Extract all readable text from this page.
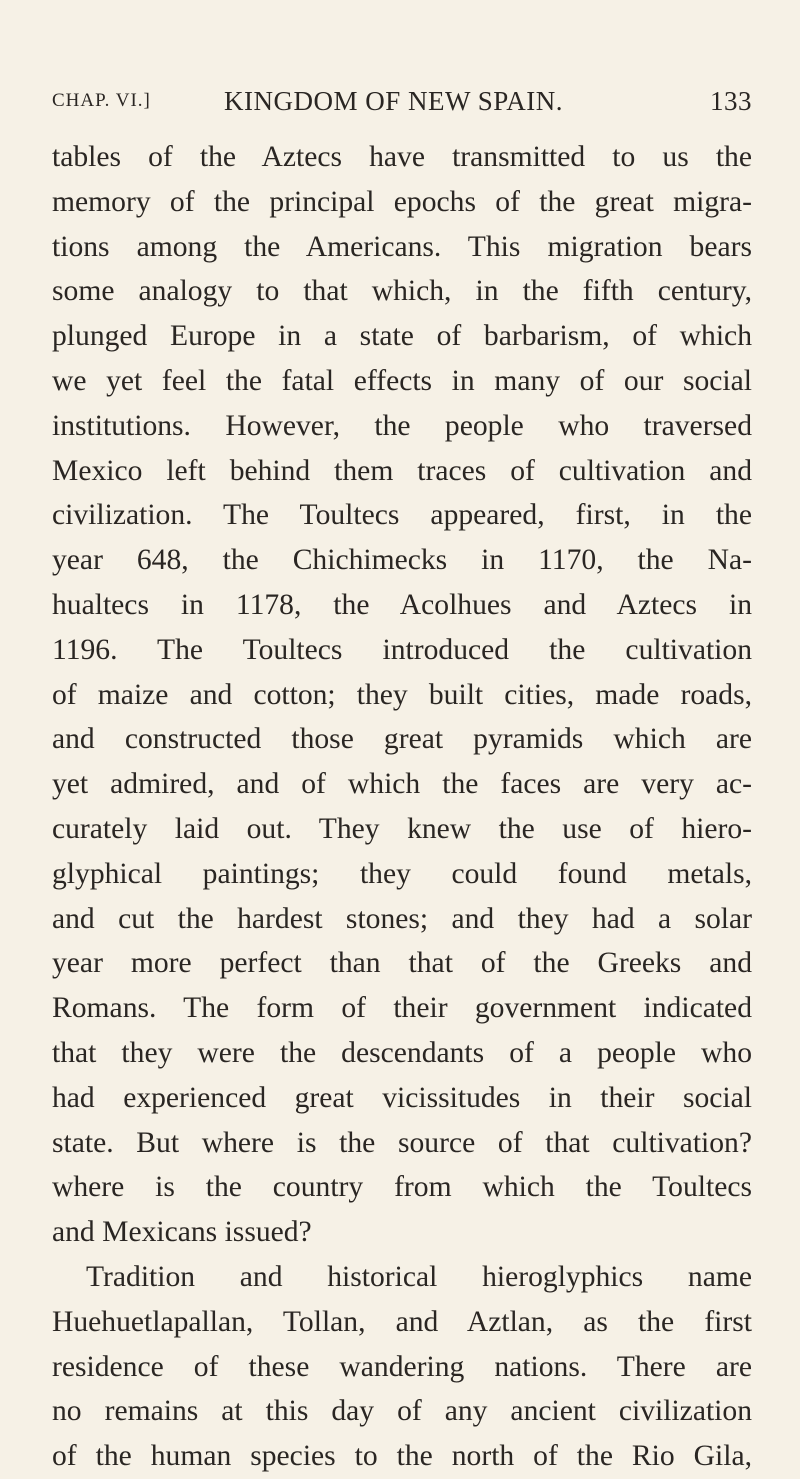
CHAP. VI.]	KINGDOM OF NEW SPAIN.	133
tables of the Aztecs have transmitted to us the
memory of the principal epochs of the great migra-
tions among the Americans. This migration bears
some analogy to that which, in the fifth century,
plunged Europe in a state of barbarism, of which
we yet feel the fatal effects in many of our social
institutions. However, the people who traversed
Mexico left behind them traces of cultivation and
civilization. The Toultecs appeared, first, in the
year 648, the Chichimecks in 1170, the Na-
hualtecs in 1178, the Acolhues and Aztecs in
1196. The Toultecs introduced the cultivation
of maize and cotton; they built cities, made roads,
and constructed those great pyramids which are
yet admired, and of which the faces are very ac-
curately laid out. They knew the use of hiero-
glyphical paintings; they could found metals,
and cut the hardest stones; and they had a solar
year more perfect than that of the Greeks and
Romans. The form of their government indicated
that they were the descendants of a people who
had experienced great vicissitudes in their social
state. But where is the source of that cultivation?
where is the country from which the Toultecs
and Mexicans issued?
Tradition and historical hieroglyphics name
Huehuetlapallan, Tollan, and Aztlan, as the first
residence of these wandering nations. There are
no remains at this day of any ancient civilization
of the human species to the north of the Rio Gila,
